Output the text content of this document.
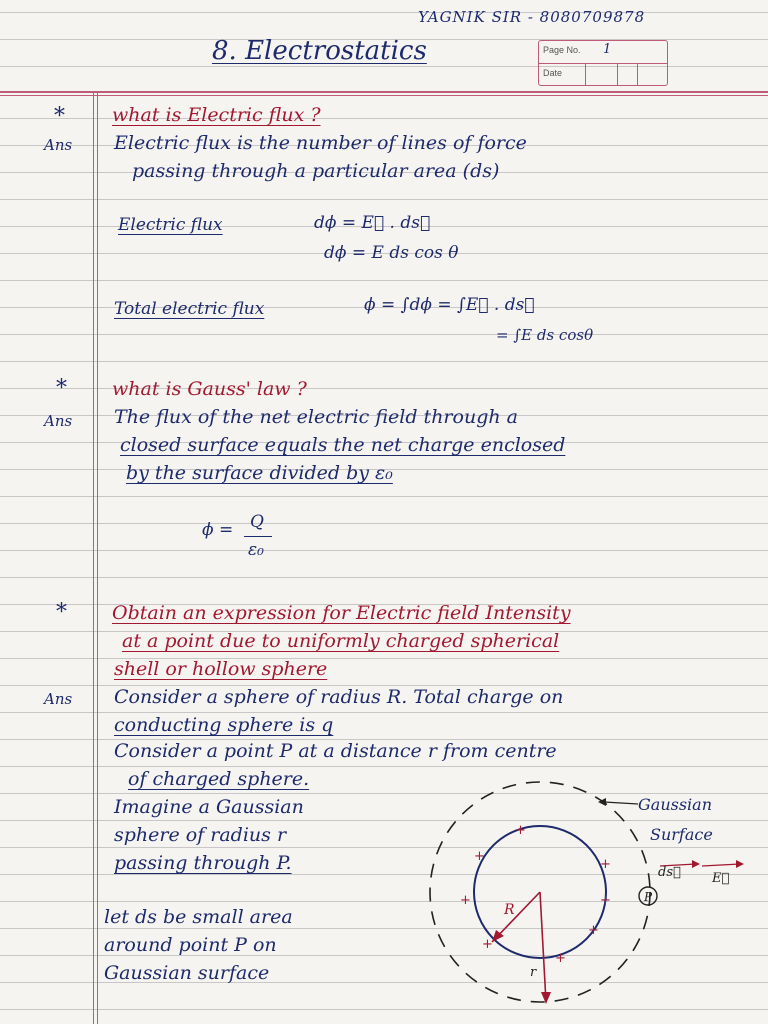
YAGNIK SIR - 8080709878
8. Electrostatics	Page No. 1
Date
* what is Electric flux ?
Ans Electric flux is the number of lines of force
passing through a particular area (ds)
Electric flux	dϕ = E⃗ . ds⃗
dϕ = E ds cos θ
Total electric flux	ϕ = ∫dϕ = ∫E⃗ . ds⃗
= ∫E ds cosθ
* what is Gauss' law ?
Ans The flux of the net electric field through a
closed surface equals the net charge enclosed
by the surface divided by ε₀
ϕ = Q
ε₀
* Obtain an expression for Electric field Intensity
at a point due to uniformly charged spherical
shell or hollow sphere
Ans Consider a sphere of radius R. Total charge on
conducting sphere is q
Consider a point P at a distance r from centre
of charged sphere.
Imagine a Gaussian
sphere of radius r
passing through P.
let ds be small area
around point P on
Gaussian surface
P
ds⃗ E⃗
R
r
Gaussian
Surface
+
+
+
+
+
+
+
+
